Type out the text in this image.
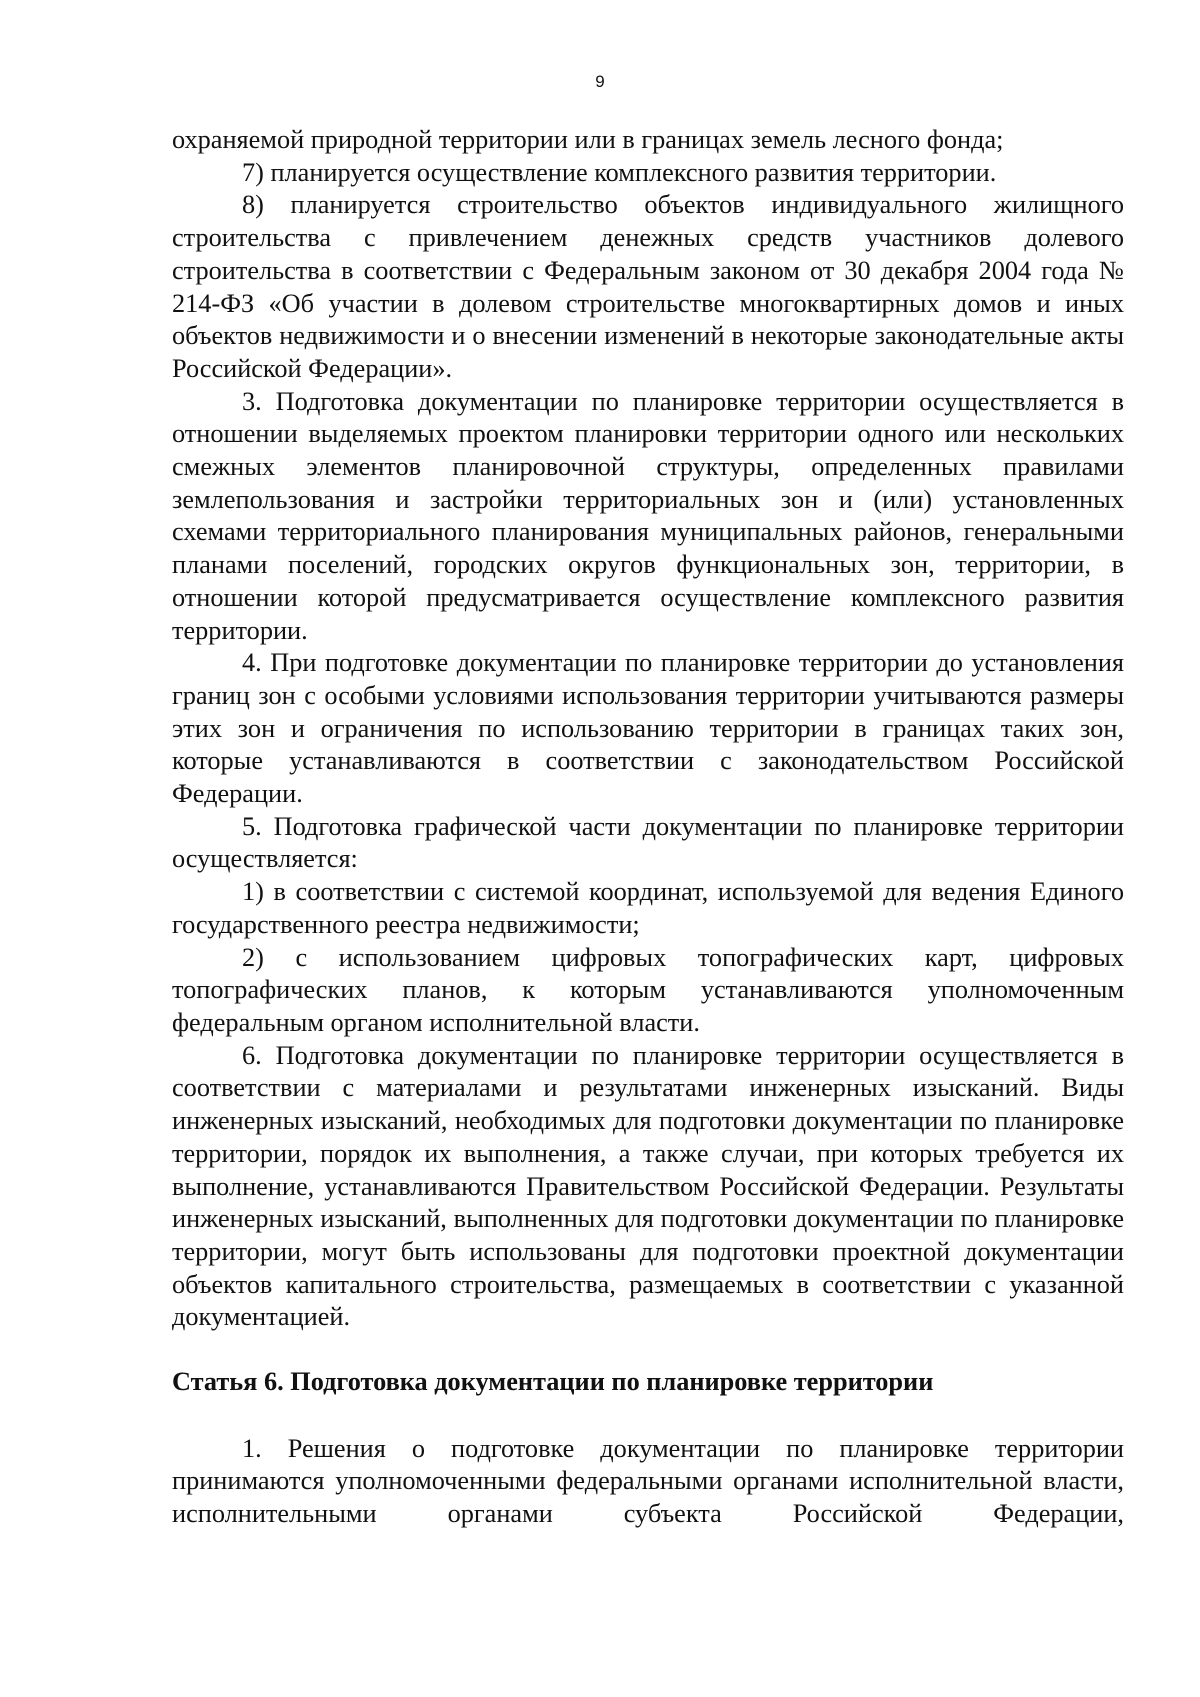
9

охраняемой природной территории или в границах земель лесного фонда;

7) планируется осуществление комплексного развития территории.

8) планируется строительство объектов индивидуального жилищного строительства с привлечением денежных средств участников долевого строительства в соответствии с Федеральным законом от 30 декабря 2004 года № 214-ФЗ «Об участии в долевом строительстве многоквартирных домов и иных объектов недвижимости и о внесении изменений в некоторые законодательные акты Российской Федерации».

3. Подготовка документации по планировке территории осуществляется в отношении выделяемых проектом планировки территории одного или нескольких смежных элементов планировочной структуры, определенных правилами землепользования и застройки территориальных зон и (или) установленных схемами территориального планирования муниципальных районов, генеральными планами поселений, городских округов функциональных зон, территории, в отношении которой предусматривается осуществление комплексного развития территории.

4. При подготовке документации по планировке территории до установления границ зон с особыми условиями использования территории учитываются размеры этих зон и ограничения по использованию территории в границах таких зон, которые устанавливаются в соответствии с законодательством Российской Федерации.

5. Подготовка графической части документации по планировке территории осуществляется:

1) в соответствии с системой координат, используемой для ведения Единого государственного реестра недвижимости;

2) с использованием цифровых топографических карт, цифровых топографических планов, к которым устанавливаются уполномоченным федеральным органом исполнительной власти.

6. Подготовка документации по планировке территории осуществляется в соответствии с материалами и результатами инженерных изысканий. Виды инженерных изысканий, необходимых для подготовки документации по планировке территории, порядок их выполнения, а также случаи, при которых требуется их выполнение, устанавливаются Правительством Российской Федерации. Результаты инженерных изысканий, выполненных для подготовки документации по планировке территории, могут быть использованы для подготовки проектной документации объектов капитального строительства, размещаемых в соответствии с указанной документацией.

Статья 6. Подготовка документации по планировке территории

1. Решения о подготовке документации по планировке территории принимаются уполномоченными федеральными органами исполнительной власти, исполнительными органами субъекта Российской Федерации,
